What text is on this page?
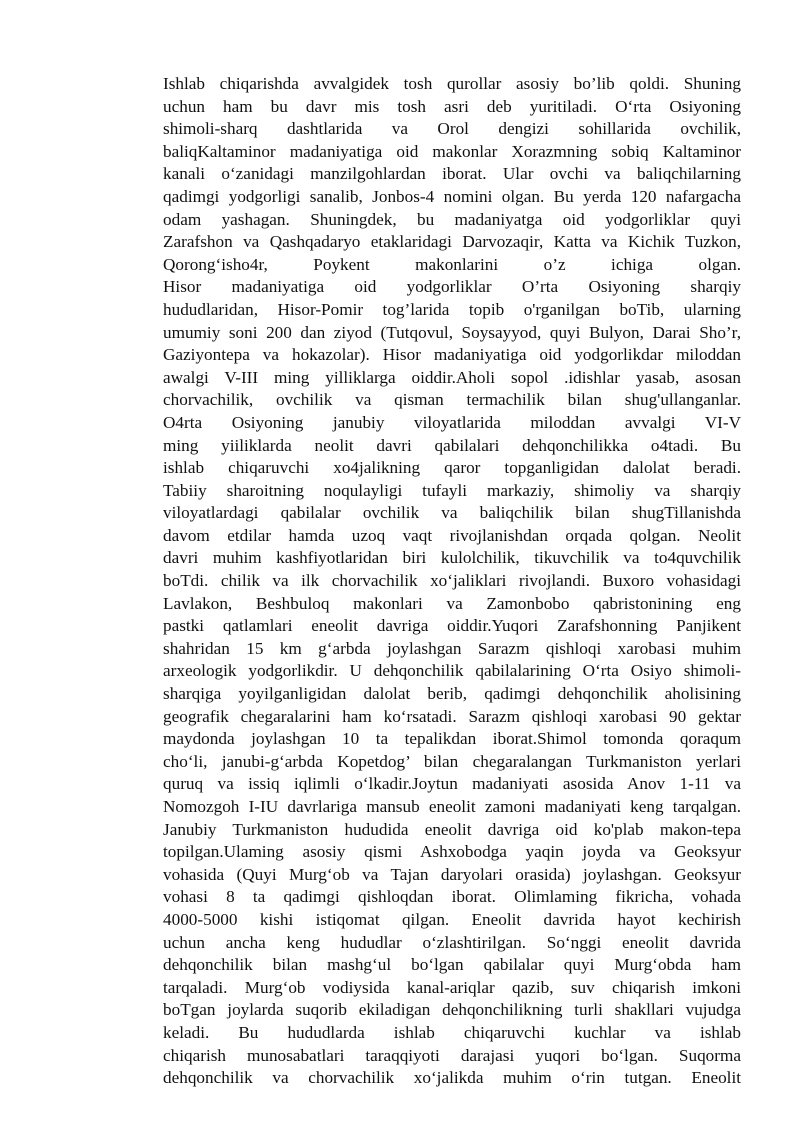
Ishlab chiqarishda avvalgidek tosh qurollar asosiy bo’lib qoldi. Shuning
uchun ham bu davr mis tosh asri deb yuritiladi. O‘rta Osiyoning
shimoli-sharq dashtlarida va Orol dengizi sohillarida ovchilik,
baliqKaltaminor madaniyatiga oid makonlar Xorazmning sobiq Kaltaminor
kanali o‘zanidagi manzilgohlardan iborat. Ular ovchi va baliqchilarning
qadimgi yodgorligi sanalib, Jonbos-4 nomini olgan. Bu yerda 120 nafargacha
odam yashagan. Shuningdek, bu madaniyatga oid yodgorliklar quyi
Zarafshon va Qashqadaryo etaklaridagi Darvozaqir, Katta va Kichik Tuzkon,
Qorong‘isho4r, Poykent makonlarini o’z ichiga olgan.
Hisor madaniyatiga oid yodgorliklar O’rta Osiyoning sharqiy
hududlaridan, Hisor-Pomir tog’larida topib o'rganilgan boTib, ularning
umumiy soni 200 dan ziyod (Tutqovul, Soysayyod, quyi Bulyon, Darai Sho’r,
Gaziyontepa va hokazolar). Hisor madaniyatiga oid yodgorlikdar miloddan
awalgi V-III ming yilliklarga oiddir.Aholi sopol .idishlar yasab, asosan
chorvachilik, ovchilik va qisman termachilik bilan shug'ullanganlar.
O4rta Osiyoning janubiy viloyatlarida miloddan avvalgi VI-V
ming yiiliklarda neolit davri qabilalari dehqonchilikka o4tadi. Bu
ishlab chiqaruvchi xo4jalikning qaror topganligidan dalolat beradi.
Tabiiy sharoitning noqulayligi tufayli markaziy, shimoliy va sharqiy
viloyatlardagi qabilalar ovchilik va baliqchilik bilan shugTillanishda
davom etdilar hamda uzoq vaqt rivojlanishdan orqada qolgan. Neolit
davri muhim kashfiyotlaridan biri kulolchilik, tikuvchilik va to4quvchilik
boTdi. chilik va ilk chorvachilik xo‘jaliklari rivojlandi. Buxoro vohasidagi
Lavlakon, Beshbuloq makonlari va Zamonbobo qabristonining eng
pastki qatlamlari eneolit davriga oiddir.Yuqori Zarafshonning Panjikent
shahridan 15 km g‘arbda joylashgan Sarazm qishloqi xarobasi muhim
arxeologik yodgorlikdir. U dehqonchilik qabilalarining O‘rta Osiyo shimoli-
sharqiga yoyilganligidan dalolat berib, qadimgi dehqonchilik aholisining
geografik chegaralarini ham ko‘rsatadi. Sarazm qishloqi xarobasi 90 gektar
maydonda joylashgan 10 ta tepalikdan iborat.Shimol tomonda qoraqum
cho‘li, janubi-g‘arbda Kopetdog’ bilan chegaralangan Turkmaniston yerlari
quruq va issiq iqlimli o‘lkadir.Joytun madaniyati asosida Anov 1-11 va
Nomozgoh I-IU davrlariga mansub eneolit zamoni madaniyati keng tarqalgan.
Janubiy Turkmaniston hududida eneolit davriga oid ko'plab makon-tepa
topilgan.Ulaming asosiy qismi Ashxobodga yaqin joyda va Geoksyur
vohasida (Quyi Murg‘ob va Tajan daryolari orasida) joylashgan. Geoksyur
vohasi 8 ta qadimgi qishloqdan iborat. Olimlaming fikricha, vohada
4000-5000 kishi istiqomat qilgan. Eneolit davrida hayot kechirish
uchun ancha keng hududlar o‘zlashtirilgan. So‘nggi eneolit davrida
dehqonchilik bilan mashg‘ul bo‘lgan qabilalar quyi Murg‘obda ham
tarqaladi. Murg‘ob vodiysida kanal-ariqlar qazib, suv chiqarish imkoni
boTgan joylarda suqorib ekiladigan dehqonchilikning turli shakllari vujudga
keladi. Bu hududlarda ishlab chiqaruvchi kuchlar va ishlab
chiqarish munosabatlari taraqqiyoti darajasi yuqori bo‘lgan. Suqorma
dehqonchilik va chorvachilik xo‘jalikda muhim o‘rin tutgan. Eneolit
